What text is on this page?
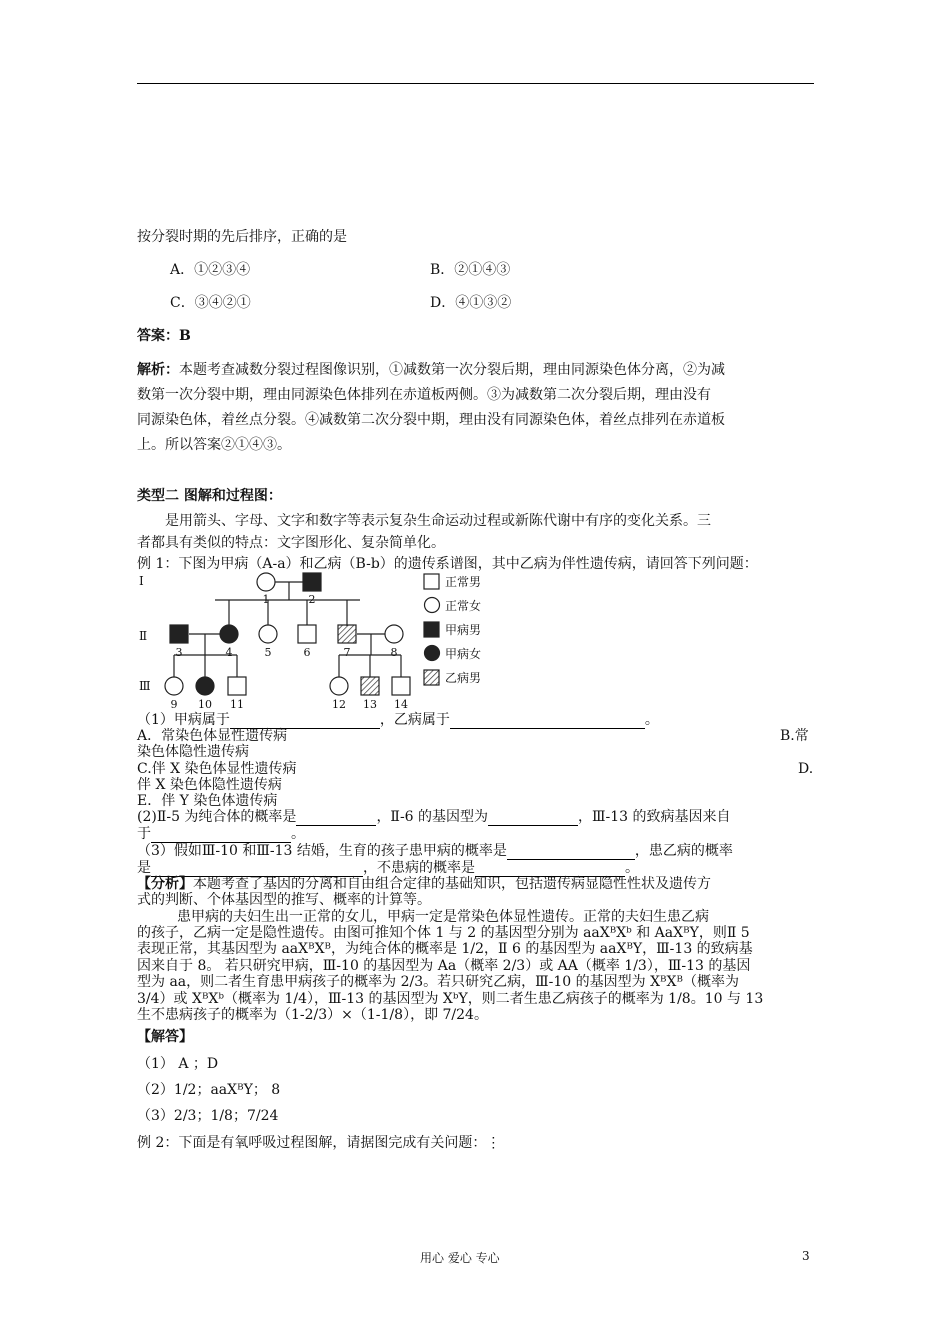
按分裂时期的先后排序，正确的是
A．①②③④	B．②①④③
C．③④②①	D．④①③②
答案：B
解析：本题考查减数分裂过程图像识别，①减数第一次分裂后期，理由同源染色体分离，②为减
数第一次分裂中期，理由同源染色体排列在赤道板两侧。③为减数第二次分裂后期，理由没有
同源染色体，着丝点分裂。④减数第二次分裂中期，理由没有同源染色体，着丝点排列在赤道板
上。所以答案②①④③。
类型二 图解和过程图：
是用箭头、字母、文字和数字等表示复杂生命运动过程或新陈代谢中有序的变化关系。三
者都具有类似的特点：文字图形化、复杂简单化。
例 1：下图为甲病（A-a）和乙病（B-b）的遗传系谱图，其中乙病为伴性遗传病，请回答下列问题：
Ⅰ
Ⅱ
Ⅲ
1	2
3	4	5	6	7	8
9 10 11	12 13 14
正常男
正常女
甲病男
甲病女
乙病男
（1）甲病属于	，乙病属于	。
A．常染色体显性遗传病	B.常
染色体隐性遗传病
C.伴 X 染色体显性遗传病	D.
伴 X 染色体隐性遗传病
E．伴 Y 染色体遗传病
(2)Ⅱ-5 为纯合体的概率是	，Ⅱ-6 的基因型为	，Ⅲ-13 的致病基因来自
于	。
（3）假如Ⅲ-10 和Ⅲ-13 结婚，生育的孩子患甲病的概率是	，患乙病的概率
是	，不患病的概率是	。
【分析】本题考查了基因的分离和自由组合定律的基础知识，包括遗传病显隐性性状及遗传方
式的判断、个体基因型的推写、概率的计算等。
患甲病的夫妇生出一正常的女儿，甲病一定是常染色体显性遗传。正常的夫妇生患乙病
的孩子，乙病一定是隐性遗传。由图可推知个体 1 与 2 的基因型分别为 aaXᴮXᵇ 和 AaXᴮY，则Ⅱ 5
表现正常，其基因型为 aaXᴮXᴮ，为纯合体的概率是 1/2，Ⅱ 6 的基因型为 aaXᴮY，Ⅲ-13 的致病基
因来自于 8。 若只研究甲病，Ⅲ-10 的基因型为 Aa（概率 2/3）或 AA（概率 1/3），Ⅲ-13 的基因
型为 aa，则二者生育患甲病孩子的概率为 2/3。若只研究乙病，Ⅲ-10 的基因型为 XᴮXᴮ（概率为
3/4）或 XᴮXᵇ（概率为 1/4），Ⅲ-13 的基因型为 XᵇY，则二者生患乙病孩子的概率为 1/8。10 与 13
生不患病孩子的概率为（1-2/3）×（1-1/8），即 7/24。
【解答】
（1） A ；D
（2）1/2；aaXᴮY； 8
（3）2/3；1/8；7/24
例 2：下面是有氧呼吸过程图解，请据图完成有关问题：⋮
用心 爱心 专心	3
